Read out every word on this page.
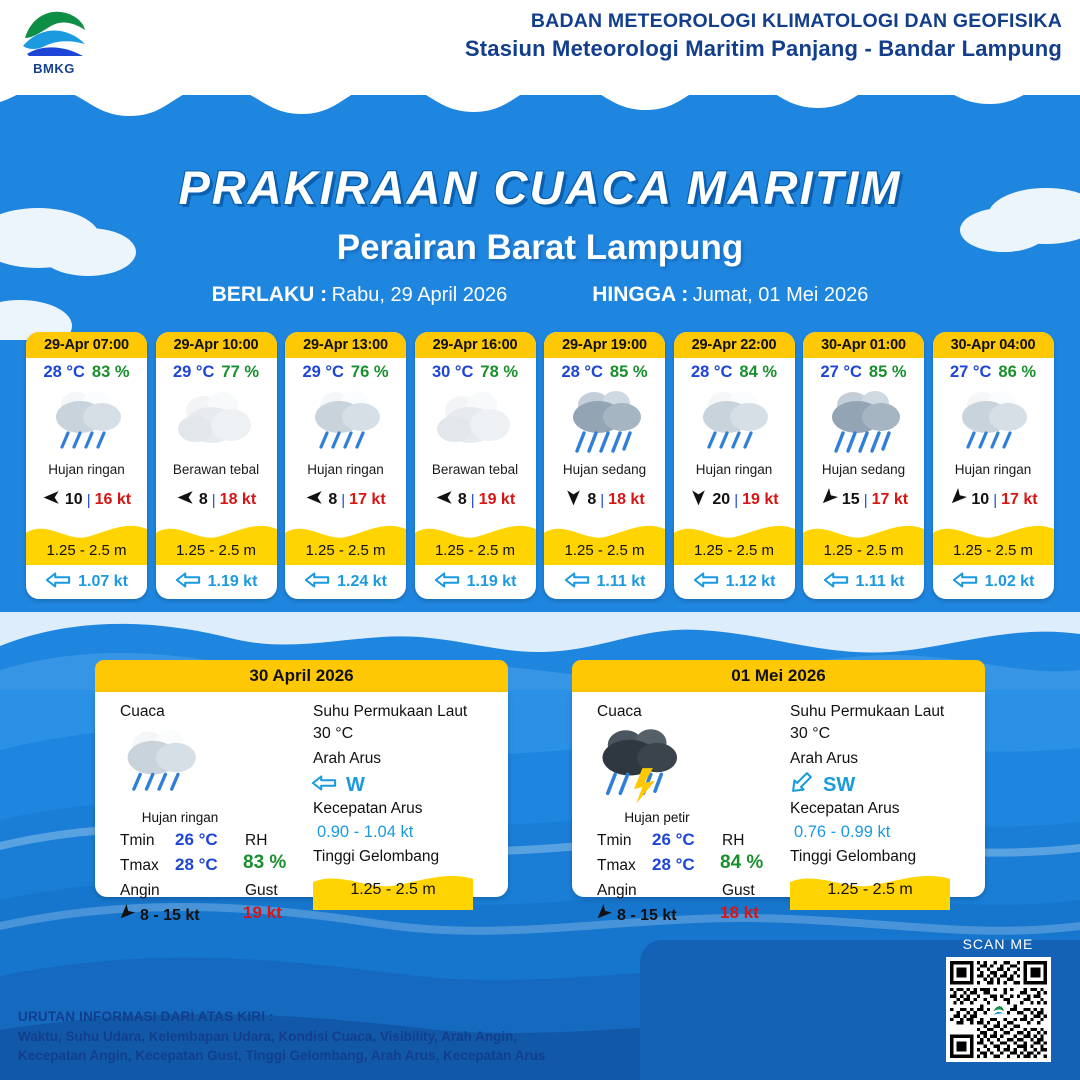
BMKG
BADAN METEOROLOGI KLIMATOLOGI DAN GEOFISIKA
Stasiun Meteorologi Maritim Panjang - Bandar Lampung
PRAKIRAAN CUACA MARITIM
Perairan Barat Lampung
BERLAKU : Rabu, 29 April 2026	HINGGA : Jumat, 01 Mei 2026
29-Apr 07:00
28 °C 83 %
Hujan ringan
10 | 16 kt
1.25 - 2.5 m
1.07 kt
29-Apr 10:00
29 °C 77 %
Berawan tebal
8 | 18 kt
1.25 - 2.5 m
1.19 kt
29-Apr 13:00
29 °C 76 %
Hujan ringan
8 | 17 kt
1.25 - 2.5 m
1.24 kt
29-Apr 16:00
30 °C 78 %
Berawan tebal
8 | 19 kt
1.25 - 2.5 m
1.19 kt
29-Apr 19:00
28 °C 85 %
Hujan sedang
8 | 18 kt
1.25 - 2.5 m
1.11 kt
29-Apr 22:00
28 °C 84 %
Hujan ringan
20 | 19 kt
1.25 - 2.5 m
1.12 kt
30-Apr 01:00
27 °C 85 %
Hujan sedang
15 | 17 kt
1.25 - 2.5 m
1.11 kt
30-Apr 04:00
27 °C 86 %
Hujan ringan
10 | 17 kt
1.25 - 2.5 m
1.02 kt
30 April 2026
Cuaca
Hujan ringan
Tmin 26 °C
Tmax 28 °C
Angin
8 - 15 kt
RH
83 %
Gust
19 kt
Suhu Permukaan Laut
30 °C
Arah Arus
W
Kecepatan Arus
0.90 - 1.04 kt
Tinggi Gelombang
1.25 - 2.5 m
01 Mei 2026
Cuaca
Hujan petir
Tmin 26 °C
Tmax 28 °C
Angin
8 - 15 kt
RH
84 %
Gust
18 kt
Suhu Permukaan Laut
30 °C
Arah Arus
SW
Kecepatan Arus
0.76 - 0.99 kt
Tinggi Gelombang
1.25 - 2.5 m
SCAN ME
URUTAN INFORMASI DARI ATAS KIRI :
Waktu, Suhu Udara, Kelembapan Udara, Kondisi Cuaca, Visibility, Arah Angin,
Kecepatan Angin, Kecepatan Gust, Tinggi Gelombang, Arah Arus, Kecepatan Arus
